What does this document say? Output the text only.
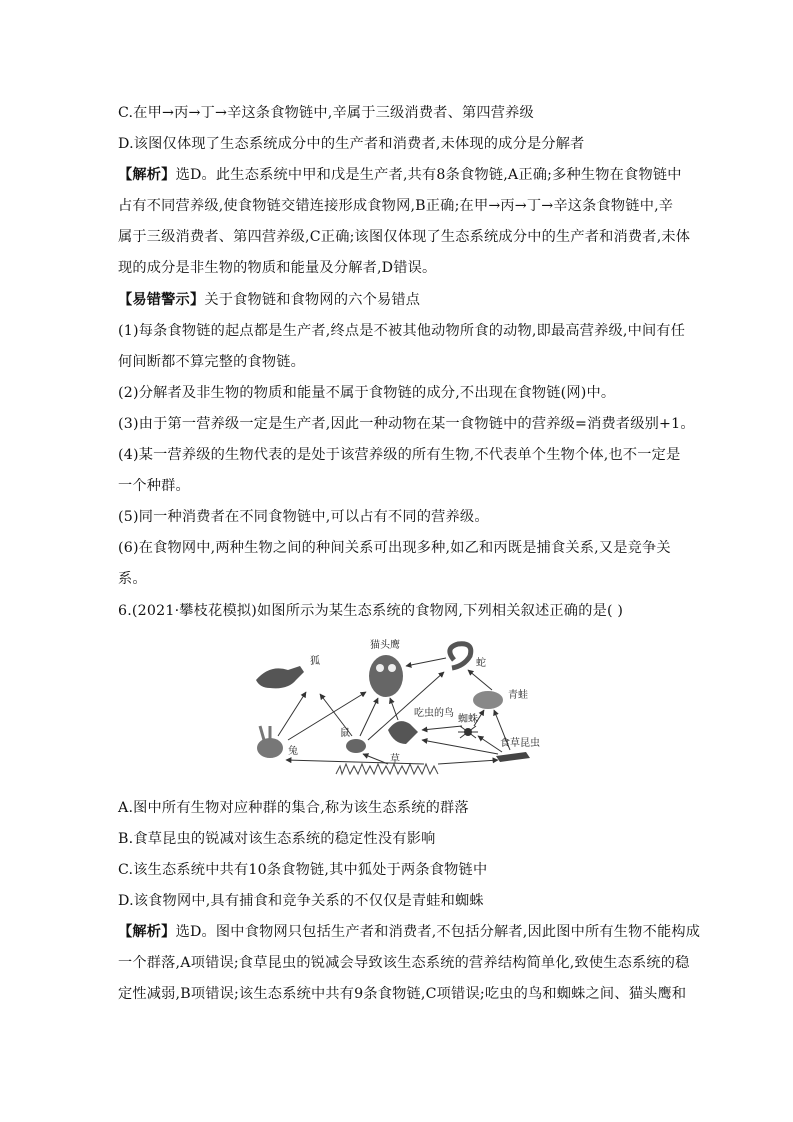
C.在甲→丙→丁→辛这条食物链中,辛属于三级消费者、第四营养级
D.该图仅体现了生态系统成分中的生产者和消费者,未体现的成分是分解者
【解析】选D。此生态系统中甲和戊是生产者,共有8条食物链,A正确;多种生物在食物链中
占有不同营养级,使食物链交错连接形成食物网,B正确;在甲→丙→丁→辛这条食物链中,辛
属于三级消费者、第四营养级,C正确;该图仅体现了生态系统成分中的生产者和消费者,未体
现的成分是非生物的物质和能量及分解者,D错误。
【易错警示】关于食物链和食物网的六个易错点
(1)每条食物链的起点都是生产者,终点是不被其他动物所食的动物,即最高营养级,中间有任
何间断都不算完整的食物链。
(2)分解者及非生物的物质和能量不属于食物链的成分,不出现在食物链(网)中。
(3)由于第一营养级一定是生产者,因此一种动物在某一食物链中的营养级=消费者级别+1。
(4)某一营养级的生物代表的是处于该营养级的所有生物,不代表单个生物个体,也不一定是
一个种群。
(5)同一种消费者在不同食物链中,可以占有不同的营养级。
(6)在食物网中,两种生物之间的种间关系可出现多种,如乙和丙既是捕食关系,又是竞争关
系。
6.(2021·攀枝花模拟)如图所示为某生态系统的食物网,下列相关叙述正确的是( )
狐
猫头鹰
蛇
青蛙
吃虫的鸟
蜘蛛
兔
鼠
草
食草昆虫
A.图中所有生物对应种群的集合,称为该生态系统的群落
B.食草昆虫的锐减对该生态系统的稳定性没有影响
C.该生态系统中共有10条食物链,其中狐处于两条食物链中
D.该食物网中,具有捕食和竞争关系的不仅仅是青蛙和蜘蛛
【解析】选D。图中食物网只包括生产者和消费者,不包括分解者,因此图中所有生物不能构成
一个群落,A项错误;食草昆虫的锐减会导致该生态系统的营养结构简单化,致使生态系统的稳
定性减弱,B项错误;该生态系统中共有9条食物链,C项错误;吃虫的鸟和蜘蛛之间、猫头鹰和
